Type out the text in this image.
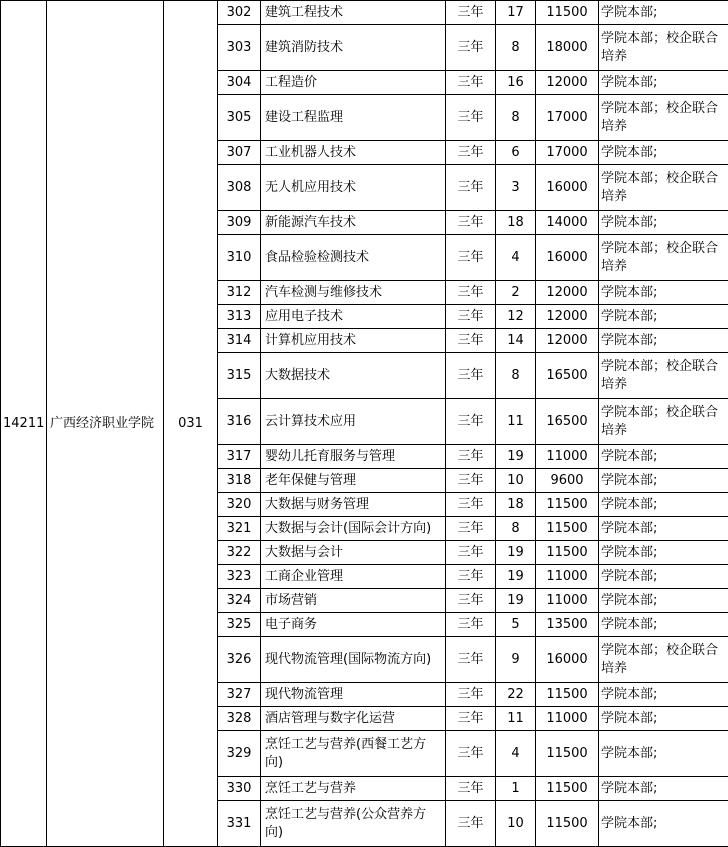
14211	广西经济职业学院	031	302	建筑工程技术	三年	17	11500	学院本部;
			303	建筑消防技术	三年	8	18000	学院本部；校企联合培养
			304	工程造价	三年	16	12000	学院本部;
			305	建设工程监理	三年	8	17000	学院本部；校企联合培养
			307	工业机器人技术	三年	6	17000	学院本部;
			308	无人机应用技术	三年	3	16000	学院本部；校企联合培养
			309	新能源汽车技术	三年	18	14000	学院本部;
			310	食品检验检测技术	三年	4	16000	学院本部；校企联合培养
			312	汽车检测与维修技术	三年	2	12000	学院本部;
			313	应用电子技术	三年	12	12000	学院本部;
			314	计算机应用技术	三年	14	12000	学院本部;
			315	大数据技术	三年	8	16500	学院本部；校企联合培养
			316	云计算技术应用	三年	11	16500	学院本部；校企联合培养
			317	婴幼儿托育服务与管理	三年	19	11000	学院本部;
			318	老年保健与管理	三年	10	9600	学院本部;
			320	大数据与财务管理	三年	18	11500	学院本部;
			321	大数据与会计(国际会计方向)	三年	8	11500	学院本部;
			322	大数据与会计	三年	19	11500	学院本部;
			323	工商企业管理	三年	19	11000	学院本部;
			324	市场营销	三年	19	11000	学院本部;
			325	电子商务	三年	5	13500	学院本部;
			326	现代物流管理(国际物流方向)	三年	9	16000	学院本部；校企联合培养
			327	现代物流管理	三年	22	11500	学院本部;
			328	酒店管理与数字化运营	三年	11	11000	学院本部;
			329	烹饪工艺与营养(西餐工艺方向)	三年	4	11500	学院本部;
			330	烹饪工艺与营养	三年	1	11500	学院本部;
			331	烹饪工艺与营养(公众营养方向)	三年	10	11500	学院本部;
